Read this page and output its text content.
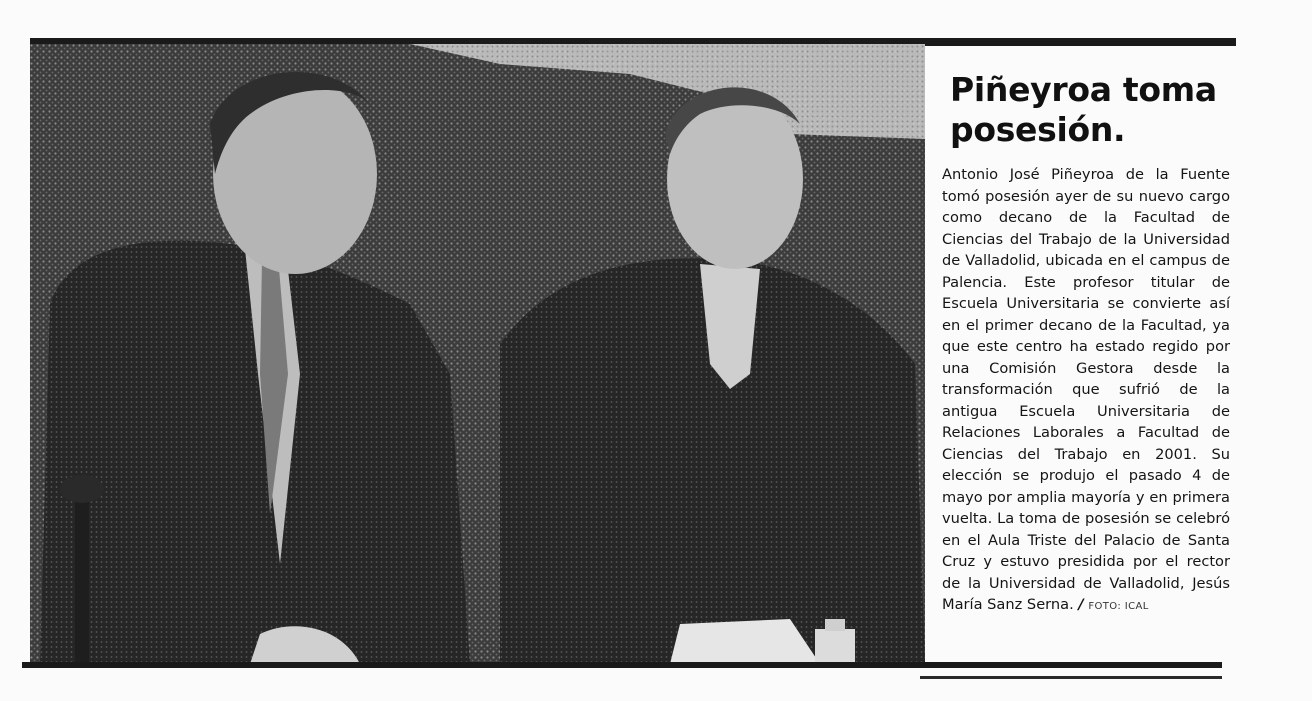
Piñeyroa toma posesión.

Antonio José Piñeyroa de la Fuente tomó posesión ayer de su nuevo cargo como decano de la Facultad de Ciencias del Trabajo de la Universidad de Valladolid, ubicada en el campus de Palencia. Este profesor titular de Escuela Universitaria se convierte así en el primer decano de la Facultad, ya que este centro ha estado regido por una Comisión Gestora desde la transformación que sufrió de la antigua Escuela Universitaria de Relaciones Laborales a Facultad de Ciencias del Trabajo en 2001. Su elección se produjo el pasado 4 de mayo por amplia mayoría y en primera vuelta. La toma de posesión se celebró en el Aula Triste del Palacio de Santa Cruz y estuvo presidida por el rector de la Universidad de Valladolid, Jesús María Sanz Serna. / FOTO: ICAL
